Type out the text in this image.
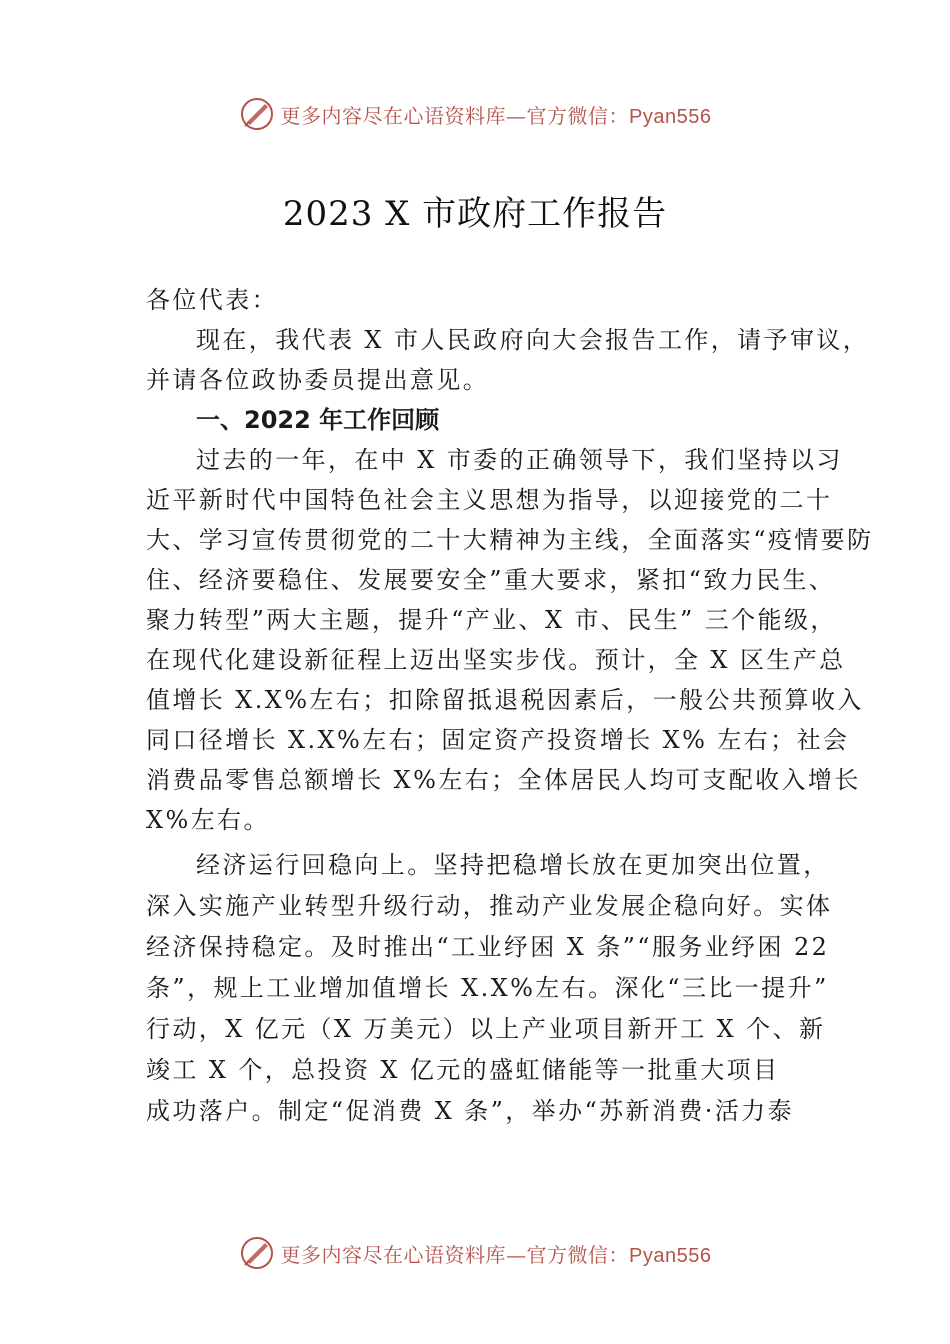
更多内容尽在心语资料库—官方微信：Pyan556
2023 X 市政府工作报告
各位代表：
现在，我代表 X 市人民政府向大会报告工作，请予审议，
并请各位政协委员提出意见。
一、2022 年工作回顾
过去的一年，在中 X 市委的正确领导下，我们坚持以习
近平新时代中国特色社会主义思想为指导，以迎接党的二十
大、学习宣传贯彻党的二十大精神为主线，全面落实“疫情要防
住、经济要稳住、发展要安全”重大要求，紧扣“致力民生、
聚力转型”两大主题，提升“产业、X 市、民生” 三个能级，
在现代化建设新征程上迈出坚实步伐。预计，全 X 区生产总
值增长 X.X%左右；扣除留抵退税因素后，一般公共预算收入
同口径增长 X.X%左右；固定资产投资增长 X% 左右；社会
消费品零售总额增长 X%左右；全体居民人均可支配收入增长
X%左右。
经济运行回稳向上。坚持把稳增长放在更加突出位置，
深入实施产业转型升级行动，推动产业发展企稳向好。实体
经济保持稳定。及时推出“工业纾困 X 条”“服务业纾困 22
条”，规上工业增加值增长 X.X%左右。深化“三比一提升”
行动，X 亿元（X 万美元）以上产业项目新开工 X 个、新
竣工 X 个，总投资 X 亿元的盛虹储能等一批重大项目
成功落户。制定“促消费 X 条”，举办“苏新消费·活力泰
更多内容尽在心语资料库—官方微信：Pyan556
